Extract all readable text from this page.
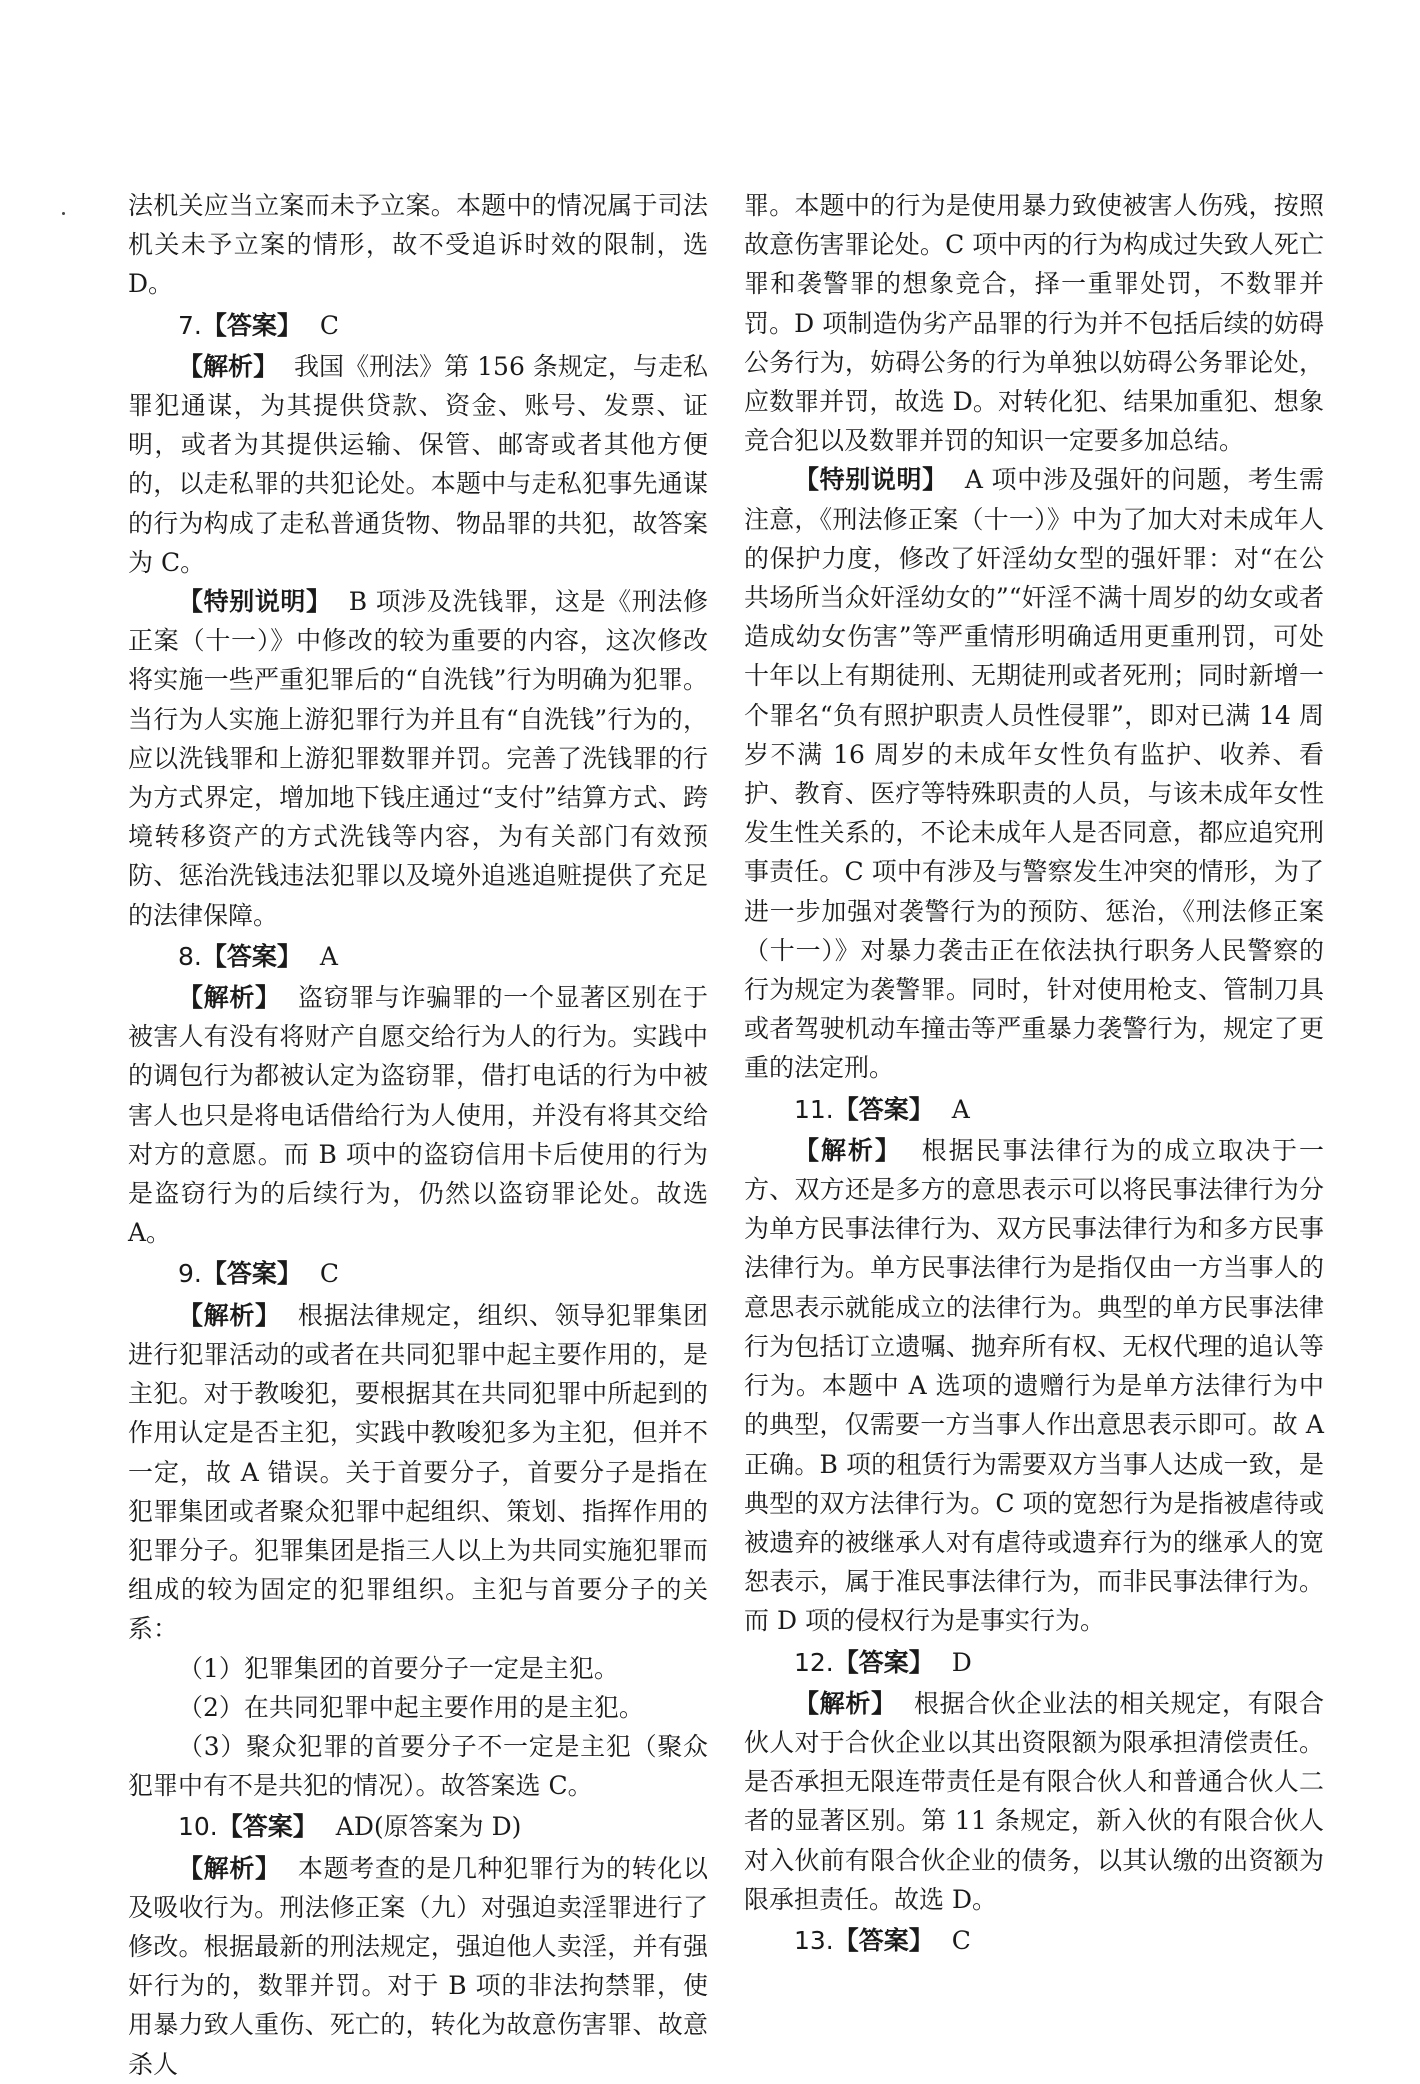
法机关应当立案而未予立案。本题中的情况属于司法机关未予立案的情形，故不受追诉时效的限制，选 D。

7.【答案】 C

【解析】 我国《刑法》第 156 条规定，与走私罪犯通谋，为其提供贷款、资金、账号、发票、证明，或者为其提供运输、保管、邮寄或者其他方便的，以走私罪的共犯论处。本题中与走私犯事先通谋的行为构成了走私普通货物、物品罪的共犯，故答案为 C。

【特别说明】 B 项涉及洗钱罪，这是《刑法修正案（十一）》中修改的较为重要的内容，这次修改将实施一些严重犯罪后的“自洗钱”行为明确为犯罪。当行为人实施上游犯罪行为并且有“自洗钱”行为的，应以洗钱罪和上游犯罪数罪并罚。完善了洗钱罪的行为方式界定，增加地下钱庄通过“支付”结算方式、跨境转移资产的方式洗钱等内容，为有关部门有效预防、惩治洗钱违法犯罪以及境外追逃追赃提供了充足的法律保障。

8.【答案】 A

【解析】 盗窃罪与诈骗罪的一个显著区别在于被害人有没有将财产自愿交给行为人的行为。实践中的调包行为都被认定为盗窃罪，借打电话的行为中被害人也只是将电话借给行为人使用，并没有将其交给对方的意愿。而 B 项中的盗窃信用卡后使用的行为是盗窃行为的后续行为，仍然以盗窃罪论处。故选 A。

9.【答案】 C

【解析】 根据法律规定，组织、领导犯罪集团进行犯罪活动的或者在共同犯罪中起主要作用的，是主犯。对于教唆犯，要根据其在共同犯罪中所起到的作用认定是否主犯，实践中教唆犯多为主犯，但并不一定，故 A 错误。关于首要分子，首要分子是指在犯罪集团或者聚众犯罪中起组织、策划、指挥作用的犯罪分子。犯罪集团是指三人以上为共同实施犯罪而组成的较为固定的犯罪组织。主犯与首要分子的关系：

（1）犯罪集团的首要分子一定是主犯。

（2）在共同犯罪中起主要作用的是主犯。

（3）聚众犯罪的首要分子不一定是主犯（聚众犯罪中有不是共犯的情况）。故答案选 C。

10.【答案】 AD(原答案为 D)

【解析】 本题考查的是几种犯罪行为的转化以及吸收行为。刑法修正案（九）对强迫卖淫罪进行了修改。根据最新的刑法规定，强迫他人卖淫，并有强奸行为的，数罪并罚。对于 B 项的非法拘禁罪，使用暴力致人重伤、死亡的，转化为故意伤害罪、故意杀人

罪。本题中的行为是使用暴力致使被害人伤残，按照故意伤害罪论处。C 项中丙的行为构成过失致人死亡罪和袭警罪的想象竞合，择一重罪处罚，不数罪并罚。D 项制造伪劣产品罪的行为并不包括后续的妨碍公务行为，妨碍公务的行为单独以妨碍公务罪论处，应数罪并罚，故选 D。对转化犯、结果加重犯、想象竞合犯以及数罪并罚的知识一定要多加总结。

【特别说明】 A 项中涉及强奸的问题，考生需注意，《刑法修正案（十一）》中为了加大对未成年人的保护力度，修改了奸淫幼女型的强奸罪：对“在公共场所当众奸淫幼女的”“奸淫不满十周岁的幼女或者造成幼女伤害”等严重情形明确适用更重刑罚，可处十年以上有期徒刑、无期徒刑或者死刑；同时新增一个罪名“负有照护职责人员性侵罪”，即对已满 14 周岁不满 16 周岁的未成年女性负有监护、收养、看护、教育、医疗等特殊职责的人员，与该未成年女性发生性关系的，不论未成年人是否同意，都应追究刑事责任。C 项中有涉及与警察发生冲突的情形，为了进一步加强对袭警行为的预防、惩治，《刑法修正案（十一）》对暴力袭击正在依法执行职务人民警察的行为规定为袭警罪。同时，针对使用枪支、管制刀具或者驾驶机动车撞击等严重暴力袭警行为，规定了更重的法定刑。

11.【答案】 A

【解析】 根据民事法律行为的成立取决于一方、双方还是多方的意思表示可以将民事法律行为分为单方民事法律行为、双方民事法律行为和多方民事法律行为。单方民事法律行为是指仅由一方当事人的意思表示就能成立的法律行为。典型的单方民事法律行为包括订立遗嘱、抛弃所有权、无权代理的追认等行为。本题中 A 选项的遗赠行为是单方法律行为中的典型，仅需要一方当事人作出意思表示即可。故 A 正确。B 项的租赁行为需要双方当事人达成一致，是典型的双方法律行为。C 项的宽恕行为是指被虐待或被遗弃的被继承人对有虐待或遗弃行为的继承人的宽恕表示，属于准民事法律行为，而非民事法律行为。而 D 项的侵权行为是事实行为。

12.【答案】 D

【解析】 根据合伙企业法的相关规定，有限合伙人对于合伙企业以其出资限额为限承担清偿责任。是否承担无限连带责任是有限合伙人和普通合伙人二者的显著区别。第 11 条规定，新入伙的有限合伙人对入伙前有限合伙企业的债务，以其认缴的出资额为限承担责任。故选 D。

13.【答案】 C
